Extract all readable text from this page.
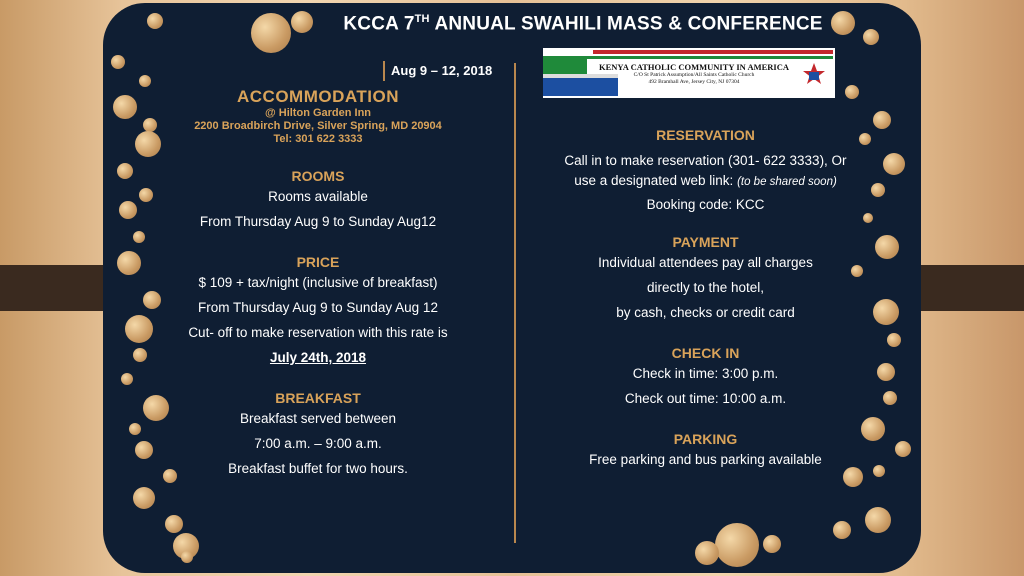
KCCA 7TH ANNUAL SWAHILI MASS & CONFERENCE
Aug 9 – 12, 2018	KENYA CATHOLIC COMMUNITY IN AMERICA
C/O St Patrick Assumption/All Saints Catholic Church
492 Bramhall Ave, Jersey City, NJ 07304
ACCOMMODATION
@ Hilton Garden Inn
2200 Broadbirch Drive, Silver Spring, MD 20904
Tel: 301 622 3333
ROOMS
Rooms available
From Thursday Aug 9 to Sunday Aug12
PRICE
$ 109 + tax/night (inclusive of breakfast)
From Thursday Aug 9 to Sunday Aug 12
Cut- off to make reservation with this rate is
July 24th, 2018
BREAKFAST
Breakfast served between
7:00 a.m. – 9:00 a.m.
Breakfast buffet for two hours.
RESERVATION
Call in to make reservation (301- 622 3333), Or
use a designated web link: (to be shared soon)
Booking code: KCC
PAYMENT
Individual attendees pay all charges
directly to the hotel,
by cash, checks or credit card
CHECK IN
Check in time: 3:00 p.m.
Check out time: 10:00 a.m.
PARKING
Free parking and bus parking available
